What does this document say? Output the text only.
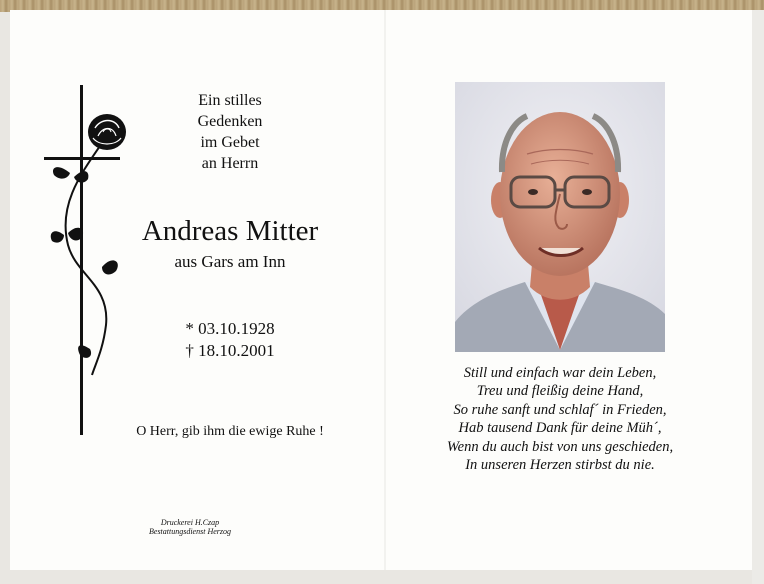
Ein stilles
Gedenken
im Gebet
an Herrn
Andreas Mitter
aus Gars am Inn
* 03.10.1928
† 18.10.2001
O Herr, gib ihm die ewige Ruhe !
Druckerei H.Czap
Bestattungsdienst Herzog
Still und einfach war dein Leben,
Treu und fleißig deine Hand,
So ruhe sanft und schlaf´ in Frieden,
Hab tausend Dank für deine Müh´,
Wenn du auch bist von uns geschieden,
In unseren Herzen stirbst du nie.
